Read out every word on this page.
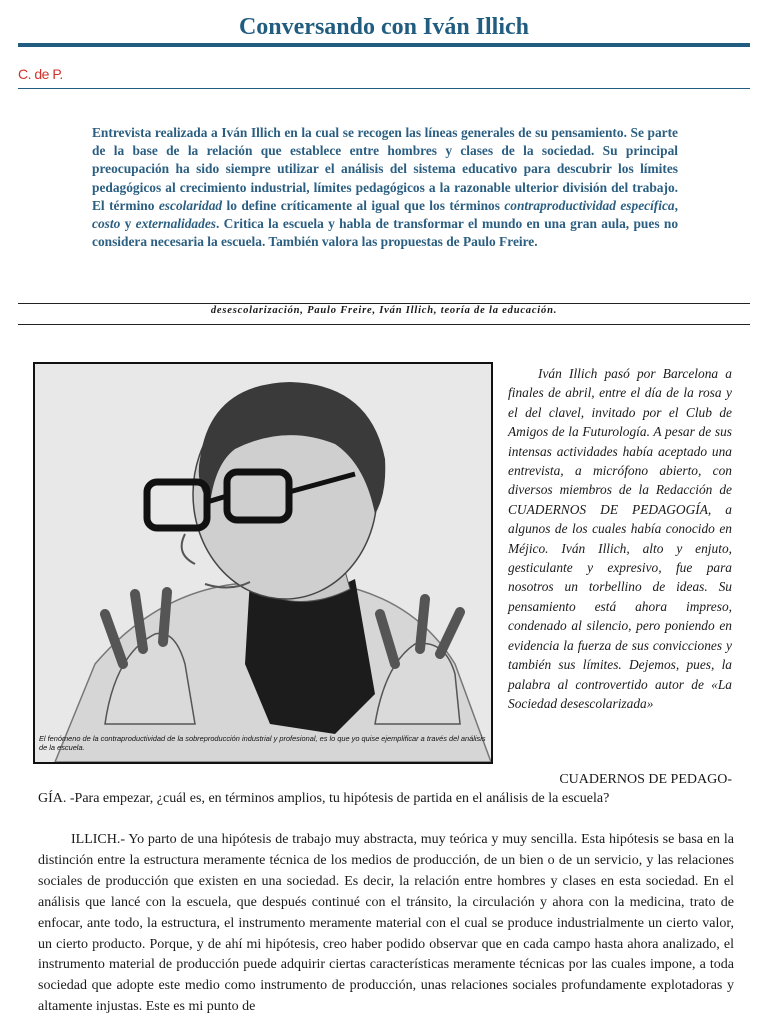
Conversando con Iván Illich
C. de P.
Entrevista realizada a Iván Illich en la cual se recogen las líneas generales de su pensamiento. Se parte de la base de la relación que establece entre hombres y clases de la sociedad. Su principal preocupación ha sido siempre utilizar el análisis del sistema educativo para descubrir los límites pedagógicos al crecimiento industrial, límites pedagógicos a la razonable ulterior división del trabajo. El término escolaridad lo define críticamente al igual que los términos contraproductividad específica, costo y externalidades. Critica la escuela y habla de transformar el mundo en una gran aula, pues no considera necesaria la escuela. También valora las propuestas de Paulo Freire.
desescolarización, Paulo Freire, Iván Illich, teoría de la educación.
El fenómeno de la contraproductividad de la sobreproducción industrial y profesional, es lo que yo quise ejemplificar a través del análisis de la escuela.
Iván Illich pasó por Barcelona a finales de abril, entre el día de la rosa y el del clavel, invitado por el Club de Amigos de la Futurología. A pesar de sus intensas actividades había aceptado una entrevista, a micrófono abierto, con diversos miembros de la Redacción de CUADERNOS DE PEDAGOGÍA, a algunos de los cuales había conocido en Méjico. Iván Illich, alto y enjuto, gesticulante y expresivo, fue para nosotros un torbellino de ideas. Su pensamiento está ahora impreso, condenado al silencio, pero poniendo en evidencia la fuerza de sus convicciones y también sus límites. Dejemos, pues, la palabra al controvertido autor de «La Sociedad desescolarizada»
CUADERNOS DE PEDAGO-
GÍA. -Para empezar, ¿cuál es, en términos amplios, tu hipótesis de partida en el análisis de la escuela?

ILLICH.- Yo parto de una hipótesis de trabajo muy abstracta, muy teórica y muy sencilla. Esta hipótesis se basa en la distinción entre la estructura meramente técnica de los medios de producción, de un bien o de un servicio, y las relaciones sociales de producción que existen en una sociedad. Es decir, la relación entre hombres y clases en esta sociedad. En el análisis que lancé con la escuela, que después continué con el tránsito, la circulación y ahora con la medicina, trato de enfocar, ante todo, la estructura, el instrumento meramente material con el cual se produce industrialmente un cierto valor, un cierto producto. Porque, y de ahí mi hipótesis, creo haber podido observar que en cada campo hasta ahora analizado, el instrumento material de producción puede adquirir ciertas características meramente técnicas por las cuales impone, a toda sociedad que adopte este medio como instrumento de producción, unas relaciones sociales profundamente explotadoras y altamente injustas. Este es mi punto de
